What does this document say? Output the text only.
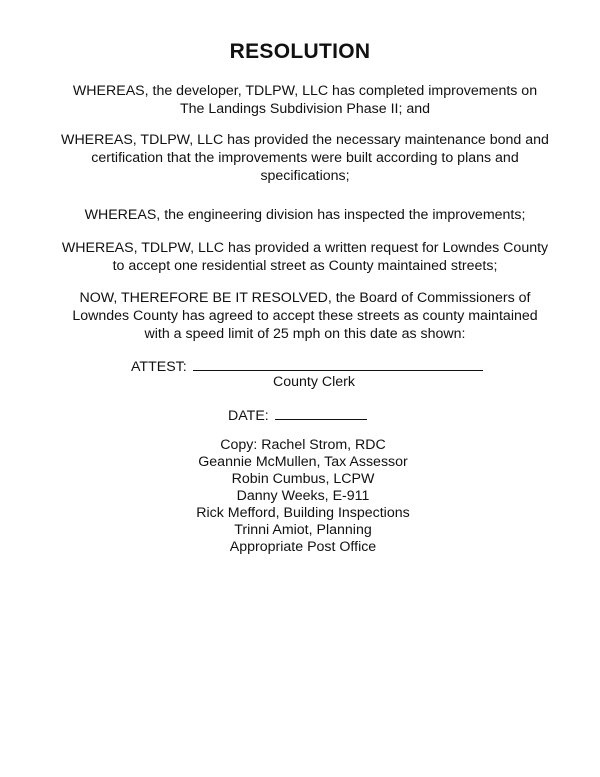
RESOLUTION
WHEREAS, the developer, TDLPW, LLC has completed improvements on The Landings Subdivision Phase II; and
WHEREAS, TDLPW, LLC has provided the necessary maintenance bond and certification that the improvements were built according to plans and specifications;
WHEREAS, the engineering division has inspected the improvements;
WHEREAS, TDLPW, LLC has provided a written request for Lowndes County to accept one residential street as County maintained streets;
NOW, THEREFORE BE IT RESOLVED, the Board of Commissioners of Lowndes County has agreed to accept these streets as county maintained with a speed limit of 25 mph on this date as shown:
ATTEST:
County Clerk
DATE:
Copy: Rachel Strom, RDC
Geannie McMullen, Tax Assessor
Robin Cumbus, LCPW
Danny Weeks, E-911
Rick Mefford, Building Inspections
Trinni Amiot, Planning
Appropriate Post Office
